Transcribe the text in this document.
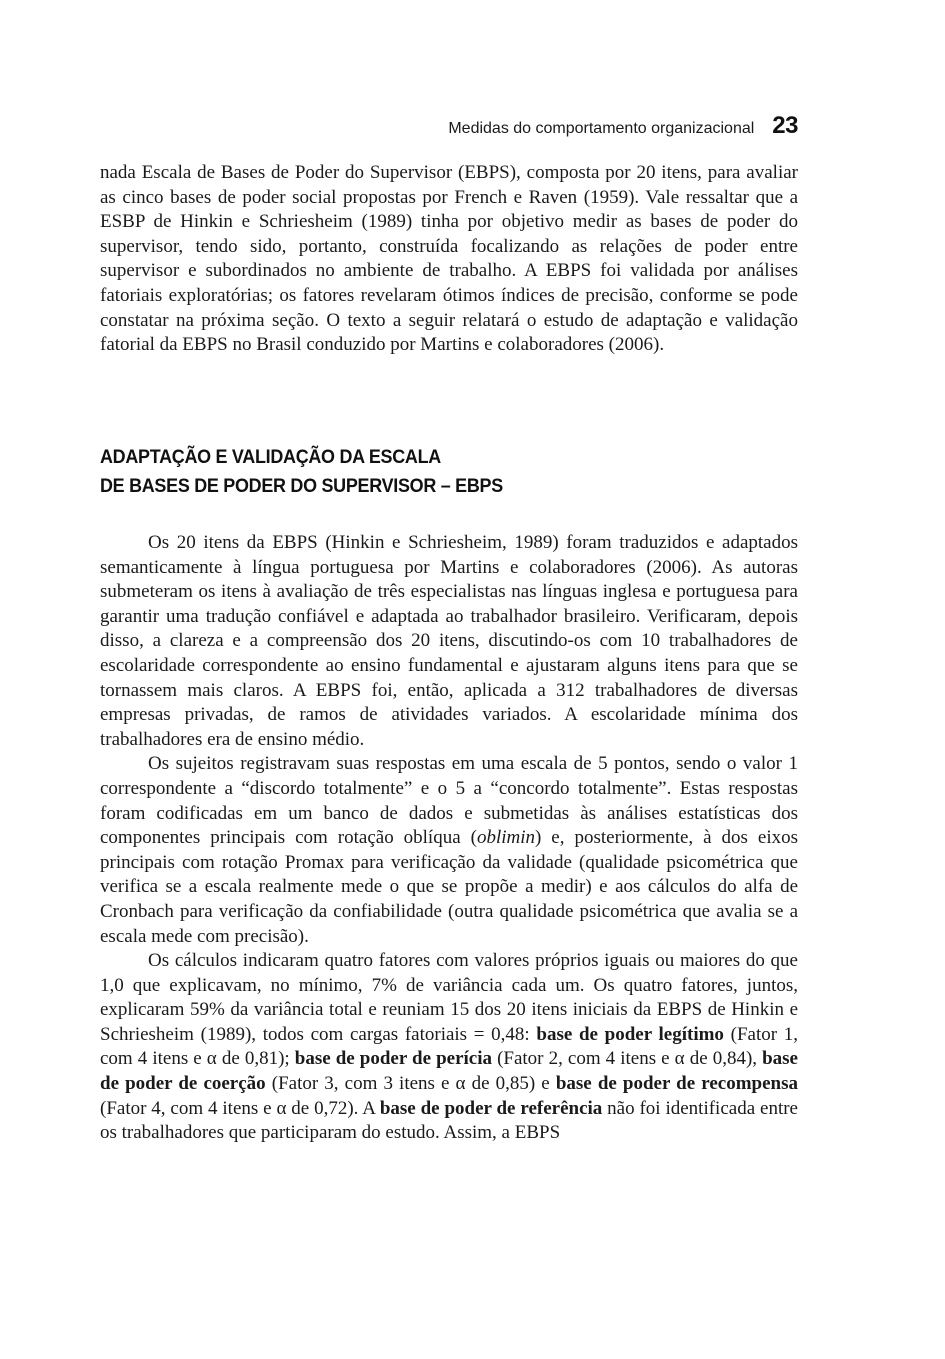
Medidas do comportamento organizacional 23

nada Escala de Bases de Poder do Supervisor (EBPS), composta por 20 itens, para avaliar as cinco bases de poder social propostas por French e Raven (1959). Vale ressaltar que a ESBP de Hinkin e Schriesheim (1989) tinha por objetivo medir as bases de poder do supervisor, tendo sido, portanto, construída focalizando as relações de poder entre supervisor e subordinados no ambiente de trabalho. A EBPS foi validada por análises fatoriais exploratórias; os fatores revelaram ótimos índices de precisão, conforme se pode constatar na próxima seção. O texto a seguir relatará o estudo de adaptação e validação fatorial da EBPS no Brasil conduzido por Martins e colaboradores (2006).

ADAPTAÇÃO E VALIDAÇÃO DA ESCALA
DE BASES DE PODER DO SUPERVISOR – EBPS

Os 20 itens da EBPS (Hinkin e Schriesheim, 1989) foram traduzidos e adaptados semanticamente à língua portuguesa por Martins e colaboradores (2006). As autoras submeteram os itens à avaliação de três especialistas nas línguas inglesa e portuguesa para garantir uma tradução confiável e adaptada ao trabalhador brasileiro. Verificaram, depois disso, a clareza e a compreensão dos 20 itens, discutindo-os com 10 trabalhadores de escolaridade correspondente ao ensino fundamental e ajustaram alguns itens para que se tornassem mais claros. A EBPS foi, então, aplicada a 312 trabalhadores de diversas empresas privadas, de ramos de atividades variados. A escolaridade mínima dos trabalhadores era de ensino médio.

Os sujeitos registravam suas respostas em uma escala de 5 pontos, sendo o valor 1 correspondente a “discordo totalmente” e o 5 a “concordo totalmente”. Estas respostas foram codificadas em um banco de dados e submetidas às análises estatísticas dos componentes principais com rotação oblíqua (oblimin) e, posteriormente, à dos eixos principais com rotação Promax para verificação da validade (qualidade psicométrica que verifica se a escala realmente mede o que se propõe a medir) e aos cálculos do alfa de Cronbach para verificação da confiabilidade (outra qualidade psicométrica que avalia se a escala mede com precisão).

Os cálculos indicaram quatro fatores com valores próprios iguais ou maiores do que 1,0 que explicavam, no mínimo, 7% de variância cada um. Os quatro fatores, juntos, explicaram 59% da variância total e reuniam 15 dos 20 itens iniciais da EBPS de Hinkin e Schriesheim (1989), todos com cargas fatoriais = 0,48: base de poder legítimo (Fator 1, com 4 itens e α de 0,81); base de poder de perícia (Fator 2, com 4 itens e α de 0,84), base de poder de coerção (Fator 3, com 3 itens e α de 0,85) e base de poder de recompensa (Fator 4, com 4 itens e α de 0,72). A base de poder de referência não foi identificada entre os trabalhadores que participaram do estudo. Assim, a EBPS
